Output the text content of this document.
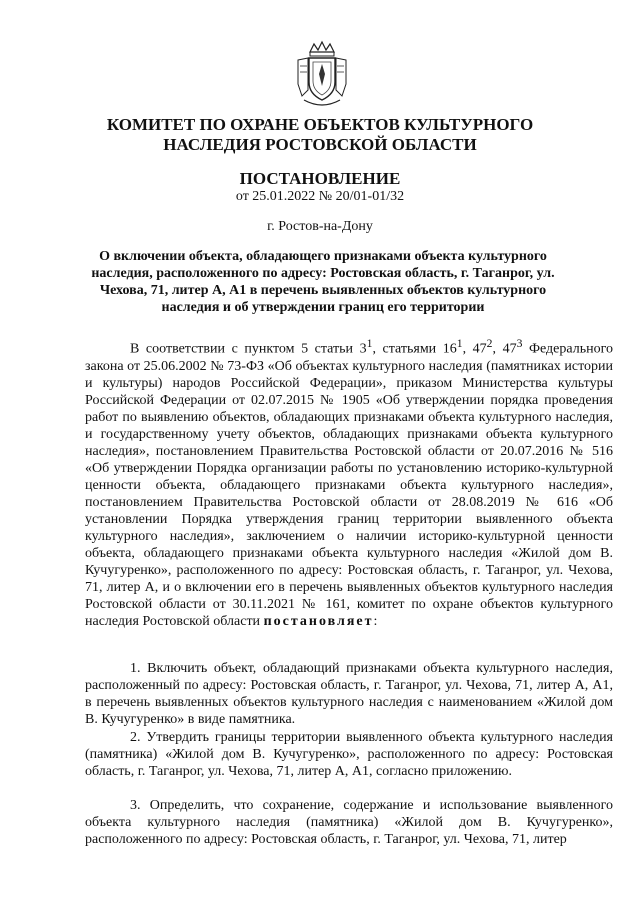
КОМИТЕТ ПО ОХРАНЕ ОБЪЕКТОВ КУЛЬТУРНОГО
НАСЛЕДИЯ РОСТОВСКОЙ ОБЛАСТИ
ПОСТАНОВЛЕНИЕ
от 25.01.2022 № 20/01-01/32
г. Ростов-на-Дону
О включении объекта, обладающего признаками объекта культурного наследия, расположенного по адресу: Ростовская область, г. Таганрог, ул. Чехова, 71, литер А, А1 в перечень выявленных объектов культурного наследия и об утверждении границ его территории
В соответствии с пунктом 5 статьи $3^1$, статьями $16^1$, $47^2$, $47^3$ Федерального закона от 25.06.2002 № 73-ФЗ «Об объектах культурного наследия (памятниках истории и культуры) народов Российской Федерации», приказом Министерства культуры Российской Федерации от 02.07.2015 № 1905 «Об утверждении порядка проведения работ по выявлению объектов, обладающих признаками объекта культурного наследия, и государственному учету объектов, обладающих признаками объекта культурного наследия», постановлением Правительства Ростовской области от 20.07.2016 № 516 «Об утверждении Порядка организации работы по установлению историко-культурной ценности объекта, обладающего признаками объекта культурного наследия», постановлением Правительства Ростовской области от 28.08.2019 № 616 «Об установлении Порядка утверждения границ территории выявленного объекта культурного наследия», заключением о наличии историко-культурной ценности объекта, обладающего признаками объекта культурного наследия «Жилой дом В. Кучугуренко», расположенного по адресу: Ростовская область, г. Таганрог, ул. Чехова, 71, литер А, и о включении его в перечень выявленных объектов культурного наследия Ростовской области от 30.11.2021 № 161, комитет по охране объектов культурного наследия Ростовской области постановляет:
1. Включить объект, обладающий признаками объекта культурного наследия, расположенный по адресу: Ростовская область, г. Таганрог, ул. Чехова, 71, литер А, А1, в перечень выявленных объектов культурного наследия с наименованием «Жилой дом В. Кучугуренко» в виде памятника.
2. Утвердить границы территории выявленного объекта культурного наследия (памятника) «Жилой дом В. Кучугуренко», расположенного по адресу: Ростовская область, г. Таганрог, ул. Чехова, 71, литер А, А1, согласно приложению.
3. Определить, что сохранение, содержание и использование выявленного объекта культурного наследия (памятника) «Жилой дом В. Кучугуренко», расположенного по адресу: Ростовская область, г. Таганрог, ул. Чехова, 71, литер
